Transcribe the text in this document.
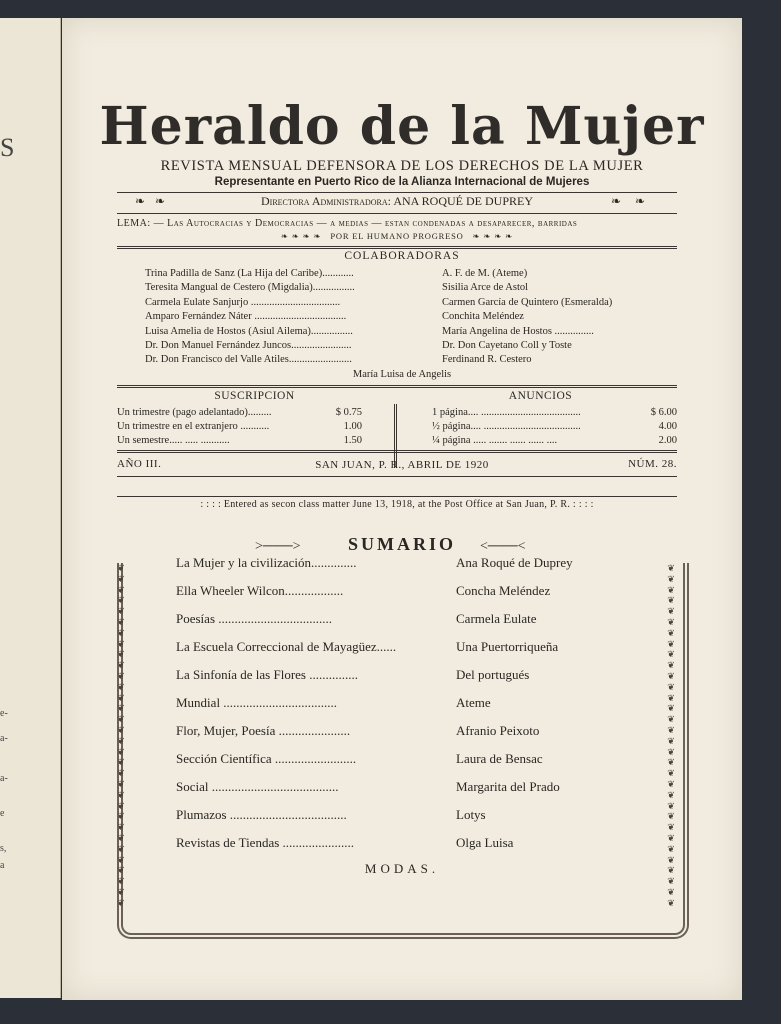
S
e-
a-
a-
e
s,
a
Heraldo de la Mujer
REVISTA MENSUAL DEFENSORA DE LOS DERECHOS DE LA MUJER
Representante en Puerto Rico de la Alianza Internacional de Mujeres
❧ ❧	Directora Administradora: ANA ROQUÉ DE DUPREY	❧ ❧
LEMA: — Las Autocracias y Democracias — a medias — estan condenadas a desaparecer, barridas
❧ ❧ ❧ ❧ POR EL HUMANO PROGRESO ❧ ❧ ❧ ❧
COLABORADORAS
Trina Padilla de Sanz (La Hija del Caribe)............
Teresita Mangual de Cestero (Migdalia)................
Carmela Eulate Sanjurjo ..................................
Amparo Fernández Náter ...................................
Luisa Amelia de Hostos (Asiul Ailema)................
Dr. Don Manuel Fernández Juncos.......................
Dr. Don Francisco del Valle Atiles........................
A. F. de M. (Ateme)
Sisilia Arce de Astol
Carmen García de Quintero (Esmeralda)
Conchita Meléndez
María Angelina de Hostos ...............
Dr. Don Cayetano Coll y Toste
Ferdinand R. Cestero
María Luisa de Angelis
SUSCRIPCION
Un trimestre (pago adelantado).........	$ 0.75
Un trimestre en el extranjero ...........	1.00
Un semestre..... ..... ...........	1.50
ANUNCIOS
1 página.... ......................................	$ 6.00
½ página.... .....................................	4.00
¼ página ..... ....... ...... ...... ....	2.00
AÑO III.	SAN JUAN, P. R., ABRIL DE 1920	NÚM. 28.
: : : : Entered as secon class matter June 13, 1918, at the Post Office at San Juan, P. R. : : : :
>───>	SUMARIO	<───<
❦
❦
❦
❦
❦
❦
❦
❦
❦
❦
❦
❦
❦
❦
❦
❦
❦
❦
❦
❦
❦
❦
❦
❦
❦
❦
❦
❦
❦
❦
❦
❦
❦
❦
❦
❦
❦
❦
❦
❦
❦
❦
❦
❦
❦
❦
❦
❦
❦
❦
❦
❦
❦
❦
❦
❦
❦
❦
❦
❦
❦
❦
❦
❦
La Mujer y la civilización..............	Ana Roqué de Duprey
Ella Wheeler Wilcon..................	Concha Meléndez
Poesías ...................................	Carmela Eulate
La Escuela Correccional de Mayagüez......	Una Puertorriqueña
La Sinfonía de las Flores ...............	Del portugués
Mundial ...................................	Ateme
Flor, Mujer, Poesía ......................	Afranio Peixoto
Sección Científica .........................	Laura de Bensac
Social .......................................	Margarita del Prado
Plumazos ....................................	Lotys
Revistas de Tiendas ......................	Olga Luisa
MODAS.
